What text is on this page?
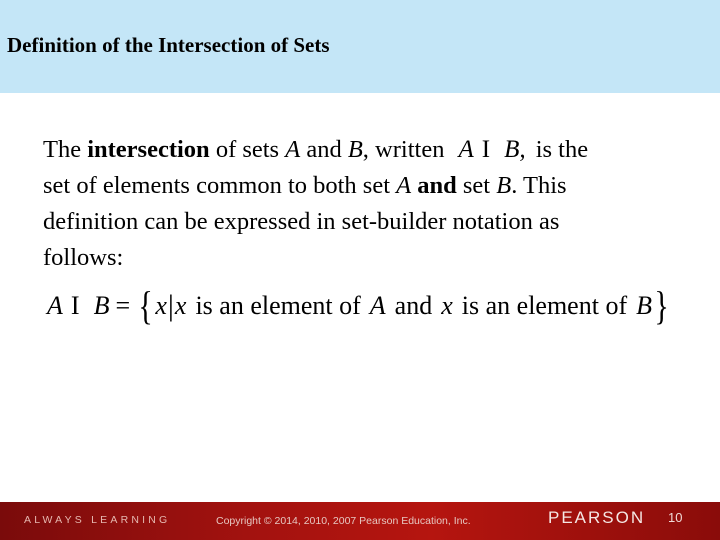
Definition of the Intersection of Sets
The intersection of sets A and B, written A I B, is the
set of elements common to both set A and set B. This
definition can be expressed in set-builder notation as
follows:
A I B = { x | x is an element of A and x is an element of B }
ALWAYS LEARNING	Copyright © 2014, 2010, 2007 Pearson Education, Inc.	PEARSON 10
